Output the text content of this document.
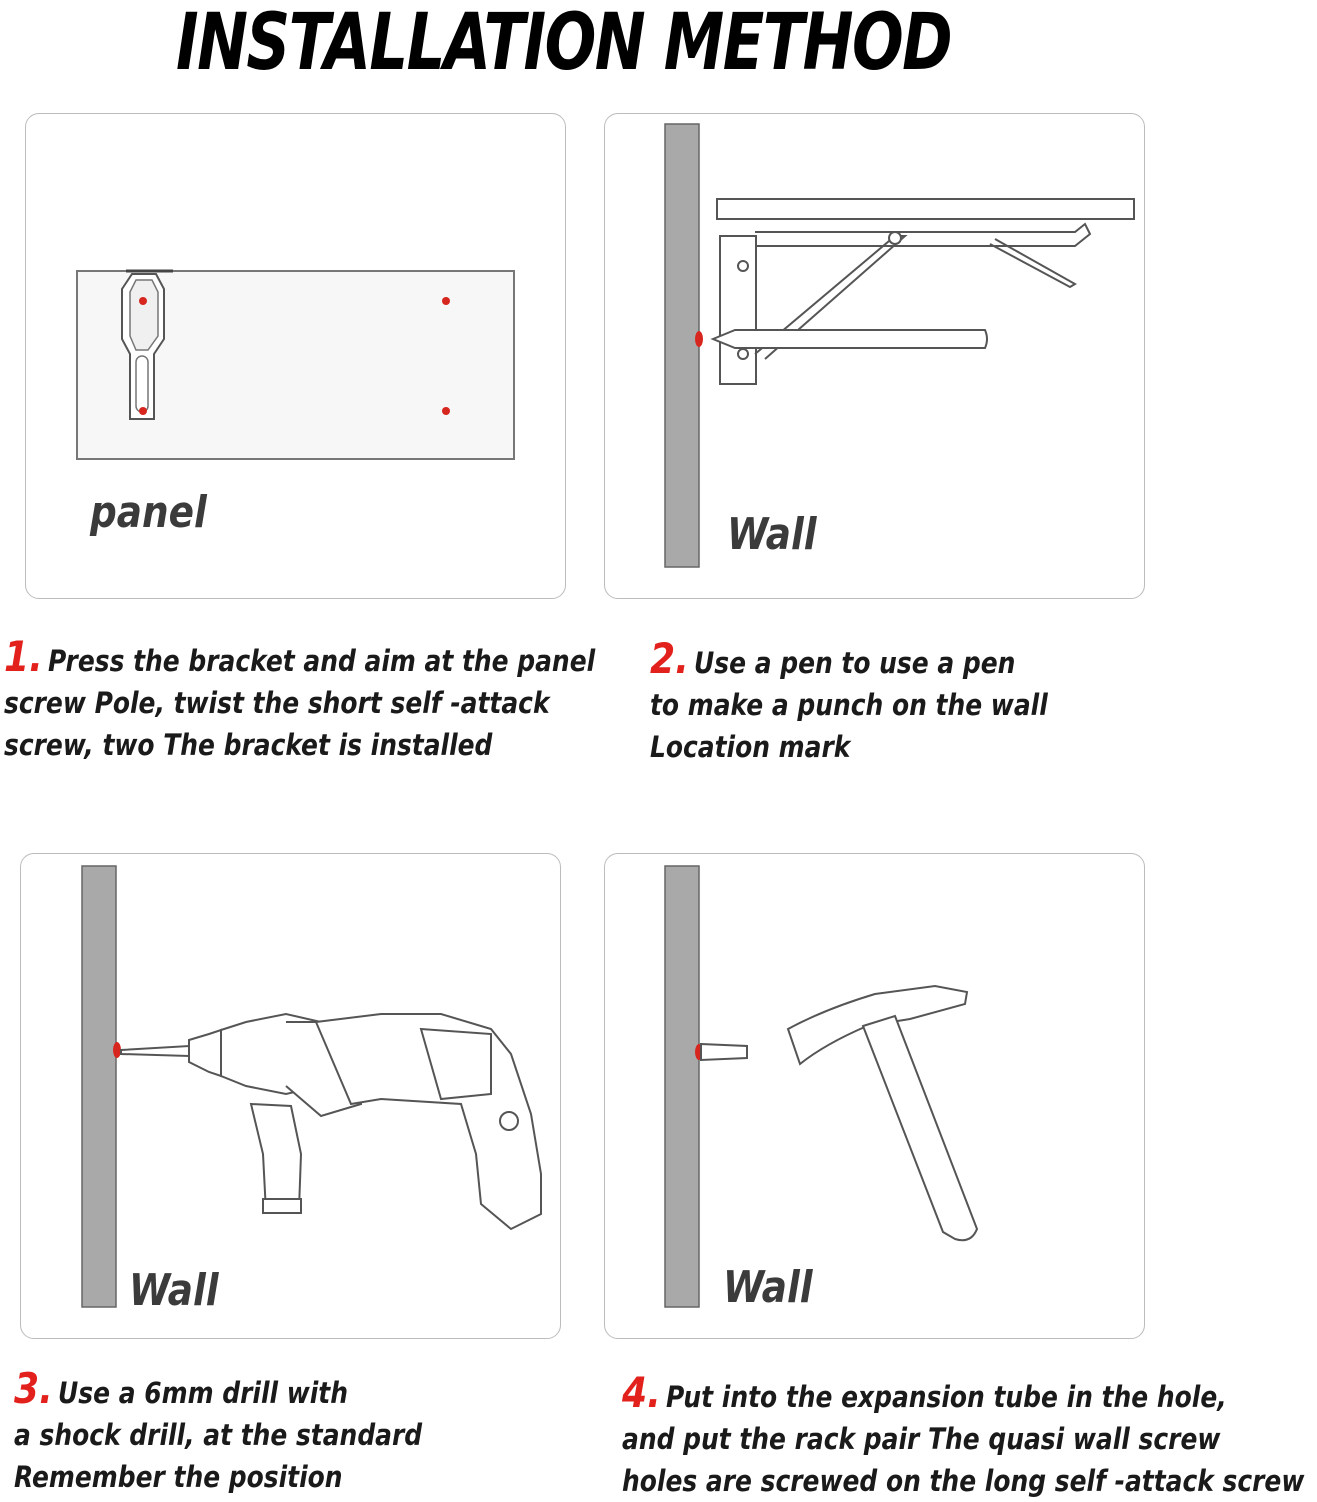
INSTALLATION METHOD
panel	Wall
Wall	Wall
1. Press the bracket and aim at the panel
screw Pole, twist the short self -attack
screw, two The bracket is installed
2. Use a pen to use a pen
to make a punch on the wall
Location mark
3. Use a 6mm drill with
a shock drill, at the standard
Remember the position
4. Put into the expansion tube in the hole,
and put the rack pair The quasi wall screw
holes are screwed on the long self -attack screw
